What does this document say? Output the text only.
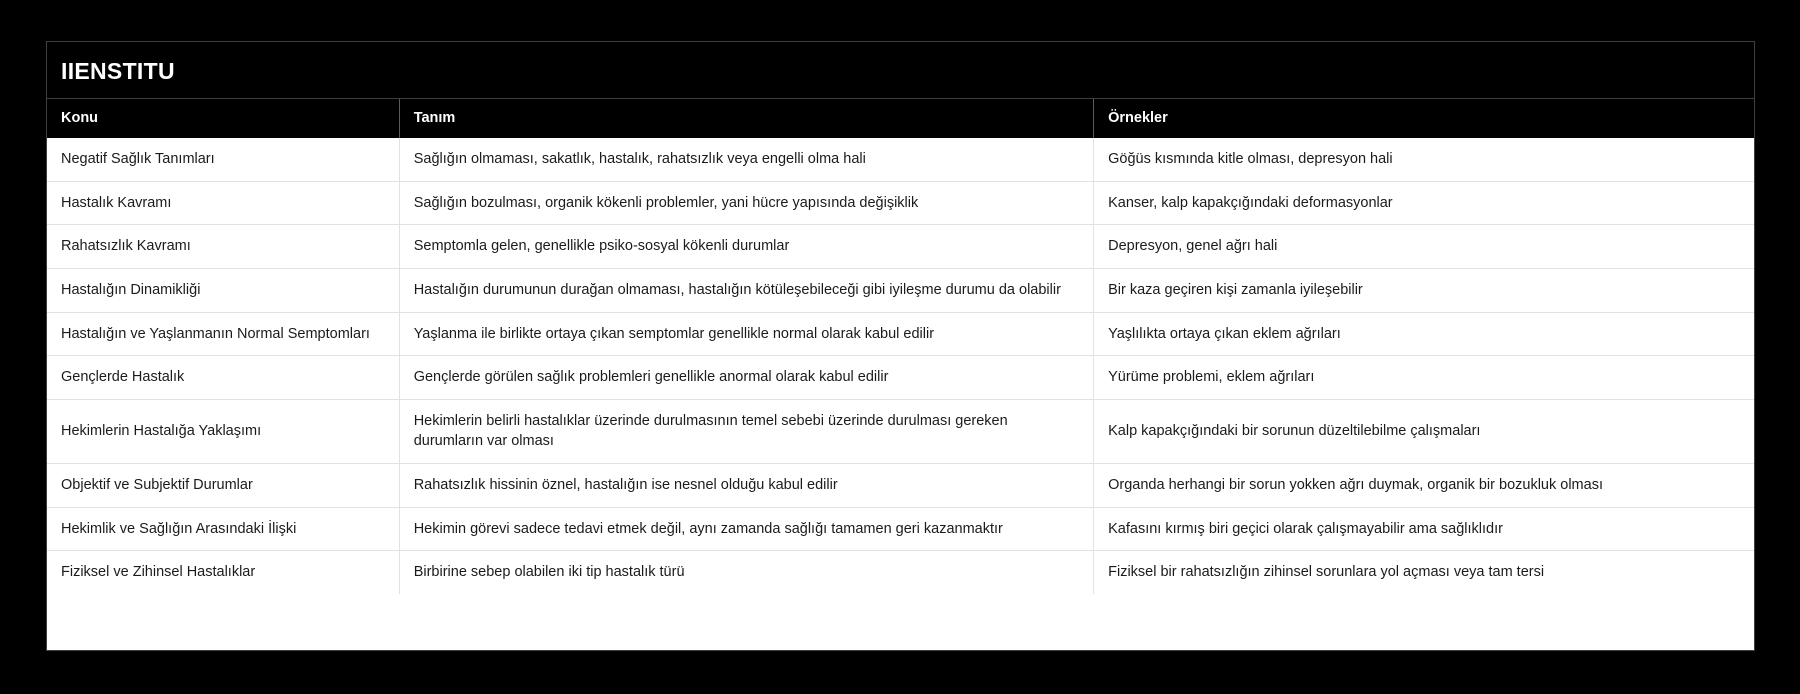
IIENSTITU
Konu	Tanım	Örnekler
Negatif Sağlık Tanımları	Sağlığın olmaması, sakatlık, hastalık, rahatsızlık veya engelli olma hali	Göğüs kısmında kitle olması, depresyon hali
Hastalık Kavramı	Sağlığın bozulması, organik kökenli problemler, yani hücre yapısında değişiklik	Kanser, kalp kapakçığındaki deformasyonlar
Rahatsızlık Kavramı	Semptomla gelen, genellikle psiko-sosyal kökenli durumlar	Depresyon, genel ağrı hali
Hastalığın Dinamikliği	Hastalığın durumunun durağan olmaması, hastalığın kötüleşebileceği gibi iyileşme durumu da olabilir	Bir kaza geçiren kişi zamanla iyileşebilir
Hastalığın ve Yaşlanmanın Normal Semptomları	Yaşlanma ile birlikte ortaya çıkan semptomlar genellikle normal olarak kabul edilir	Yaşlılıkta ortaya çıkan eklem ağrıları
Gençlerde Hastalık	Gençlerde görülen sağlık problemleri genellikle anormal olarak kabul edilir	Yürüme problemi, eklem ağrıları
Hekimlerin Hastalığa Yaklaşımı	Hekimlerin belirli hastalıklar üzerinde durulmasının temel sebebi üzerinde durulması gereken durumların var olması	Kalp kapakçığındaki bir sorunun düzeltilebilme çalışmaları
Objektif ve Subjektif Durumlar	Rahatsızlık hissinin öznel, hastalığın ise nesnel olduğu kabul edilir	Organda herhangi bir sorun yokken ağrı duymak, organik bir bozukluk olması
Hekimlik ve Sağlığın Arasındaki İlişki	Hekimin görevi sadece tedavi etmek değil, aynı zamanda sağlığı tamamen geri kazanmaktır	Kafasını kırmış biri geçici olarak çalışmayabilir ama sağlıklıdır
Fiziksel ve Zihinsel Hastalıklar	Birbirine sebep olabilen iki tip hastalık türü	Fiziksel bir rahatsızlığın zihinsel sorunlara yol açması veya tam tersi
